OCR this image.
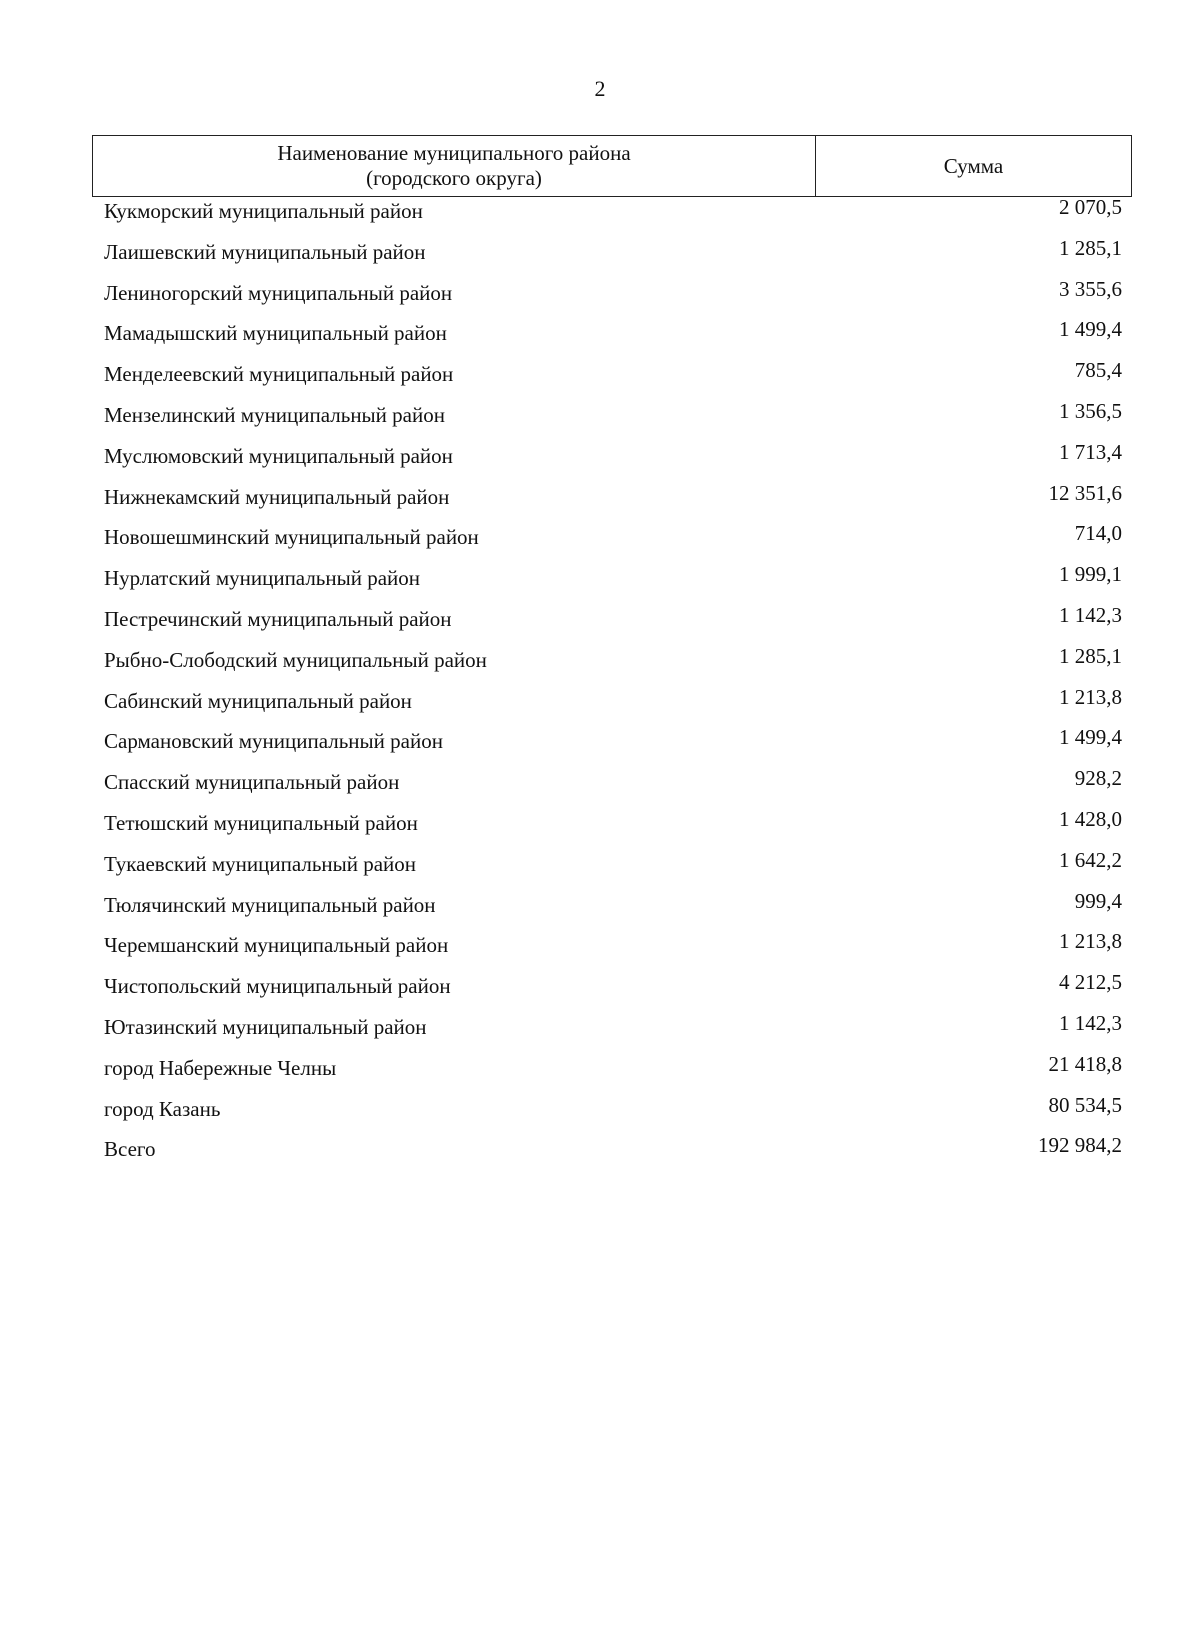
2
Наименование муниципального района
(городского округа)
Сумма
Кукморский муниципальный район	2 070,5
Лаишевский муниципальный район	1 285,1
Лениногорский муниципальный район	3 355,6
Мамадышский муниципальный район	1 499,4
Менделеевский муниципальный район	785,4
Мензелинский муниципальный район	1 356,5
Муслюмовский муниципальный район	1 713,4
Нижнекамский муниципальный район	12 351,6
Новошешминский муниципальный район	714,0
Нурлатский муниципальный район	1 999,1
Пестречинский муниципальный район	1 142,3
Рыбно-Слободский муниципальный район	1 285,1
Сабинский муниципальный район	1 213,8
Сармановский муниципальный район	1 499,4
Спасский муниципальный район	928,2
Тетюшский муниципальный район	1 428,0
Тукаевский муниципальный район	1 642,2
Тюлячинский муниципальный район	999,4
Черемшанский муниципальный район	1 213,8
Чистопольский муниципальный район	4 212,5
Ютазинский муниципальный район	1 142,3
город Набережные Челны	21 418,8
город Казань	80 534,5
Всего	192 984,2
